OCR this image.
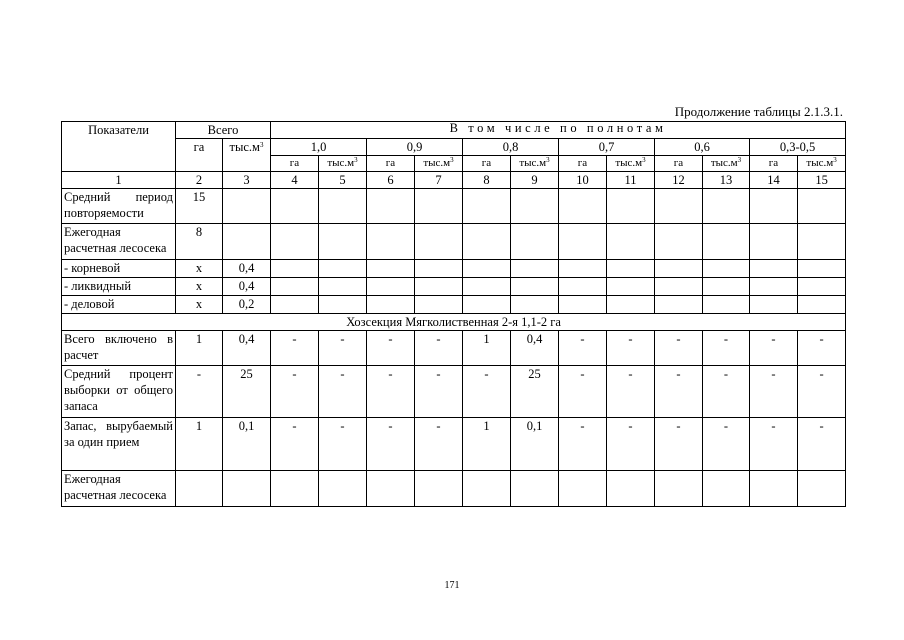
Продолжение таблицы 2.1.3.1.
Показатели	Всего		В том числе по полнотам											
	га	$тыс.м^3$	1,0		0,9		0,8		0,7		0,6		0,3-0,5	
			га	$тыс.м^3$	га	$тыс.м^3$	га	$тыс.м^3$	га	$тыс.м^3$	га	$тыс.м^3$	га	$тыс.м^3$
1	2	3	4	5	6	7	8	9	10	11	12	13	14	15
Средний период повторяемости	15													
Ежегодная расчетная лесосека	8													
- корневой	х	0,4												
- ликвидный	х	0,4												
- деловой	х	0,2												
Хозсекция Мягколиственная 2-я 1,1-2 га														
Всего включено в расчет	1	0,4	-	-	-	-	1	0,4	-	-	-	-	-	-
Средний процент выборки от общего запаса	-	25	-	-	-	-	-	25	-	-	-	-	-	-
Запас, вырубаемый за один прием	1	0,1	-	-	-	-	1	0,1	-	-	-	-	-	-
Ежегодная расчетная лесосека														
171
